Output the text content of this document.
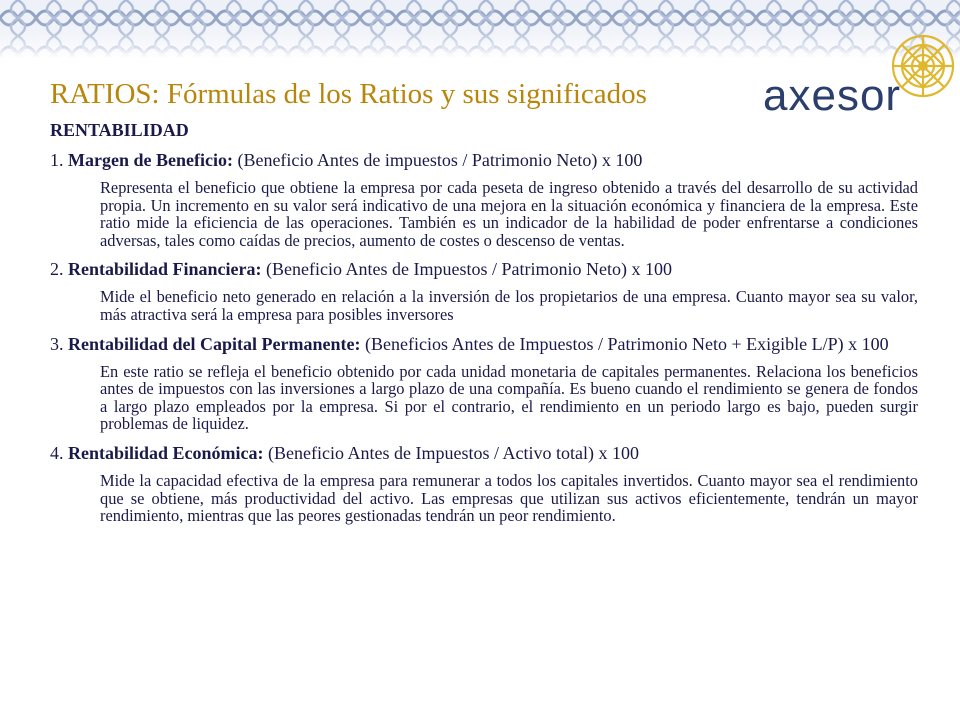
axesor
RATIOS: Fórmulas de los Ratios y sus significados

RENTABILIDAD

1. Margen de Beneficio: (Beneficio Antes de impuestos / Patrimonio Neto) x 100

Representa el beneficio que obtiene la empresa por cada peseta de ingreso obtenido a través del desarrollo de su actividad propia. Un incremento en su valor será indicativo de una mejora en la situación económica y financiera de la empresa. Este ratio mide la eficiencia de las operaciones. También es un indicador de la habilidad de poder enfrentarse a condiciones adversas, tales como caídas de precios, aumento de costes o descenso de ventas.

2. Rentabilidad Financiera: (Beneficio Antes de Impuestos / Patrimonio Neto) x 100

Mide el beneficio neto generado en relación a la inversión de los propietarios de una empresa. Cuanto mayor sea su valor, más atractiva será la empresa para posibles inversores

3. Rentabilidad del Capital Permanente: (Beneficios Antes de Impuestos / Patrimonio Neto + Exigible L/P) x 100

En este ratio se refleja el beneficio obtenido por cada unidad monetaria de capitales permanentes. Relaciona los beneficios antes de impuestos con las inversiones a largo plazo de una compañía. Es bueno cuando el rendimiento se genera de fondos a largo plazo empleados por la empresa. Si por el contrario, el rendimiento en un periodo largo es bajo, pueden surgir problemas de liquidez.

4. Rentabilidad Económica: (Beneficio Antes de Impuestos / Activo total) x 100

Mide la capacidad efectiva de la empresa para remunerar a todos los capitales invertidos. Cuanto mayor sea el rendimiento que se obtiene, más productividad del activo. Las empresas que utilizan sus activos eficientemente, tendrán un mayor rendimiento, mientras que las peores gestionadas tendrán un peor rendimiento.
